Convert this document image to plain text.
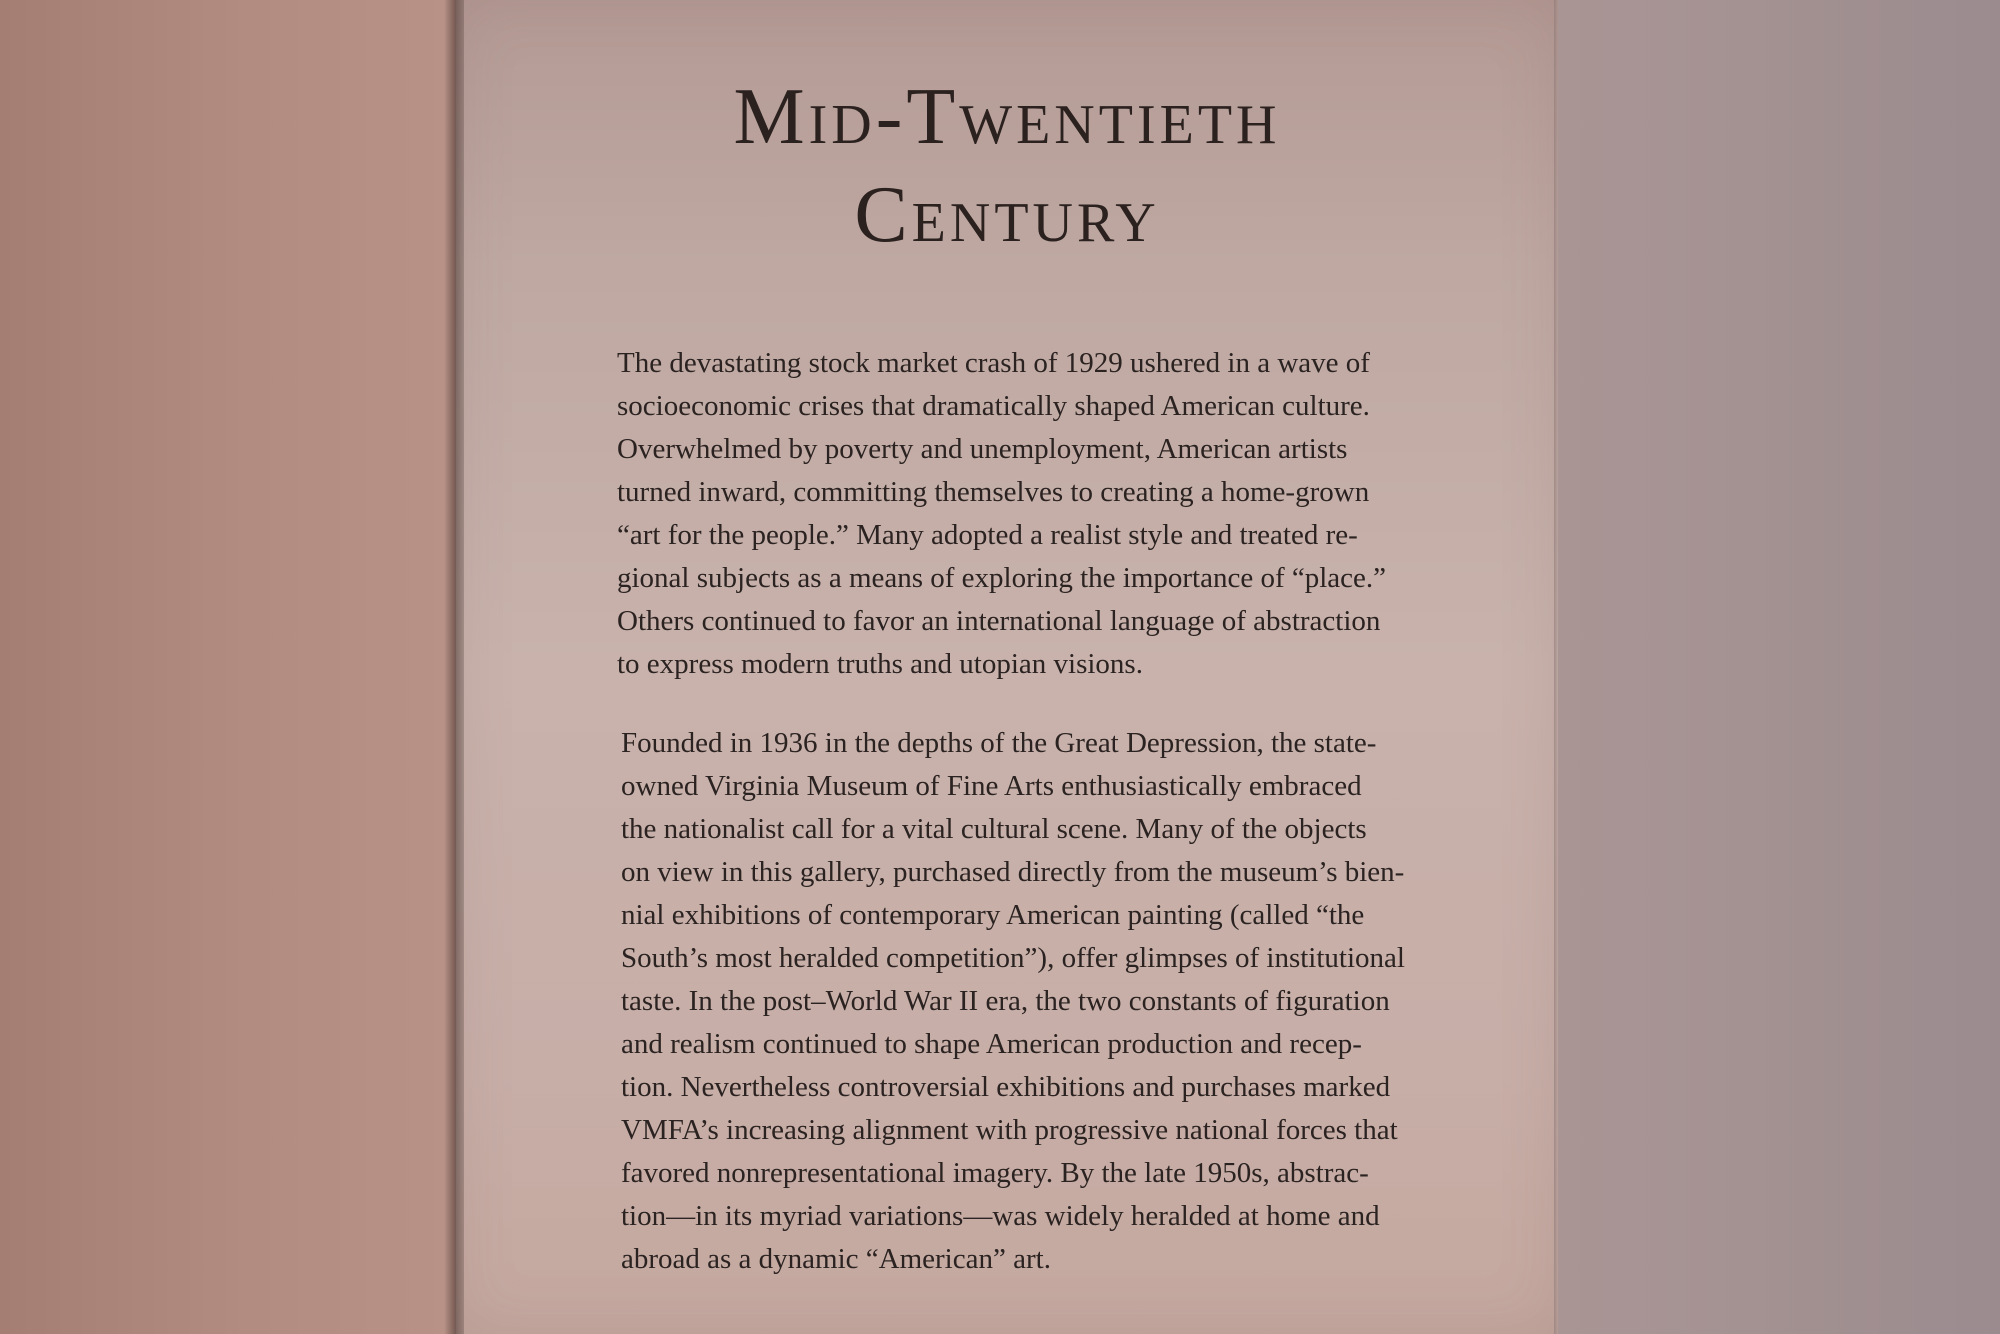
Mid-Twentieth
Century
The devastating stock market crash of 1929 ushered in a wave of
socioeconomic crises that dramatically shaped American culture.
Overwhelmed by poverty and unemployment, American artists
turned inward, committing themselves to creating a home-grown
“art for the people.” Many adopted a realist style and treated re-
gional subjects as a means of exploring the importance of “place.”
Others continued to favor an international language of abstraction
to express modern truths and utopian visions.
Founded in 1936 in the depths of the Great Depression, the state-
owned Virginia Museum of Fine Arts enthusiastically embraced
the nationalist call for a vital cultural scene. Many of the objects
on view in this gallery, purchased directly from the museum’s bien-
nial exhibitions of contemporary American painting (called “the
South’s most heralded competition”), offer glimpses of institutional
taste. In the post–World War II era, the two constants of figuration
and realism continued to shape American production and recep-
tion. Nevertheless controversial exhibitions and purchases marked
VMFA’s increasing alignment with progressive national forces that
favored nonrepresentational imagery. By the late 1950s, abstrac-
tion—in its myriad variations—was widely heralded at home and
abroad as a dynamic “American” art.
